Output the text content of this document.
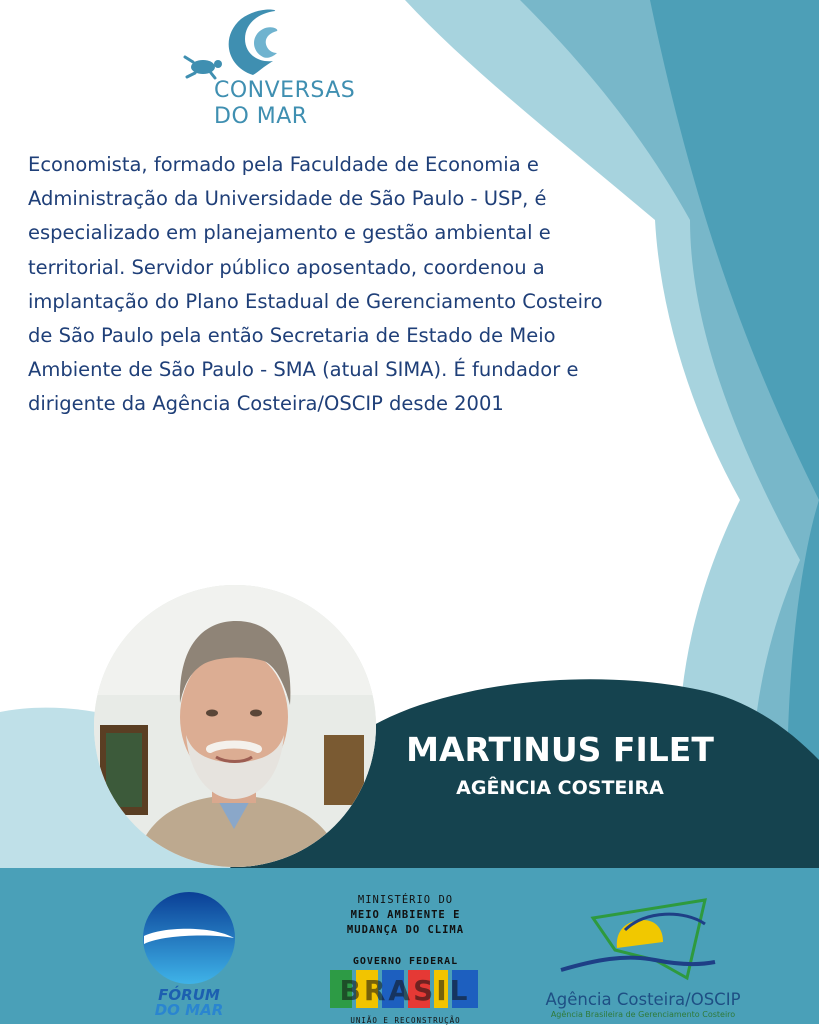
CONVERSAS
DO MAR

Economista, formado pela Faculdade de Economia e
Administração da Universidade de São Paulo - USP, é
especializado em planejamento e gestão ambiental e
territorial. Servidor público aposentado, coordenou a
implantação do Plano Estadual de Gerenciamento Costeiro
de São Paulo pela então Secretaria de Estado de Meio
Ambiente de São Paulo - SMA (atual SIMA). É fundador e
dirigente da Agência Costeira/OSCIP desde 2001

MARTINUS FILET
AGÊNCIA COSTEIRA

FÓRUM
DO MAR

MINISTÉRIO DO

MEIO AMBIENTE E

MUDANÇA DO CLIMA

GOVERNO FEDERAL

UNIÃO E RECONSTRUÇÃO

BRASIL	Agência Costeira/OSCIP

Agência Brasileira de Gerenciamento Costeiro
